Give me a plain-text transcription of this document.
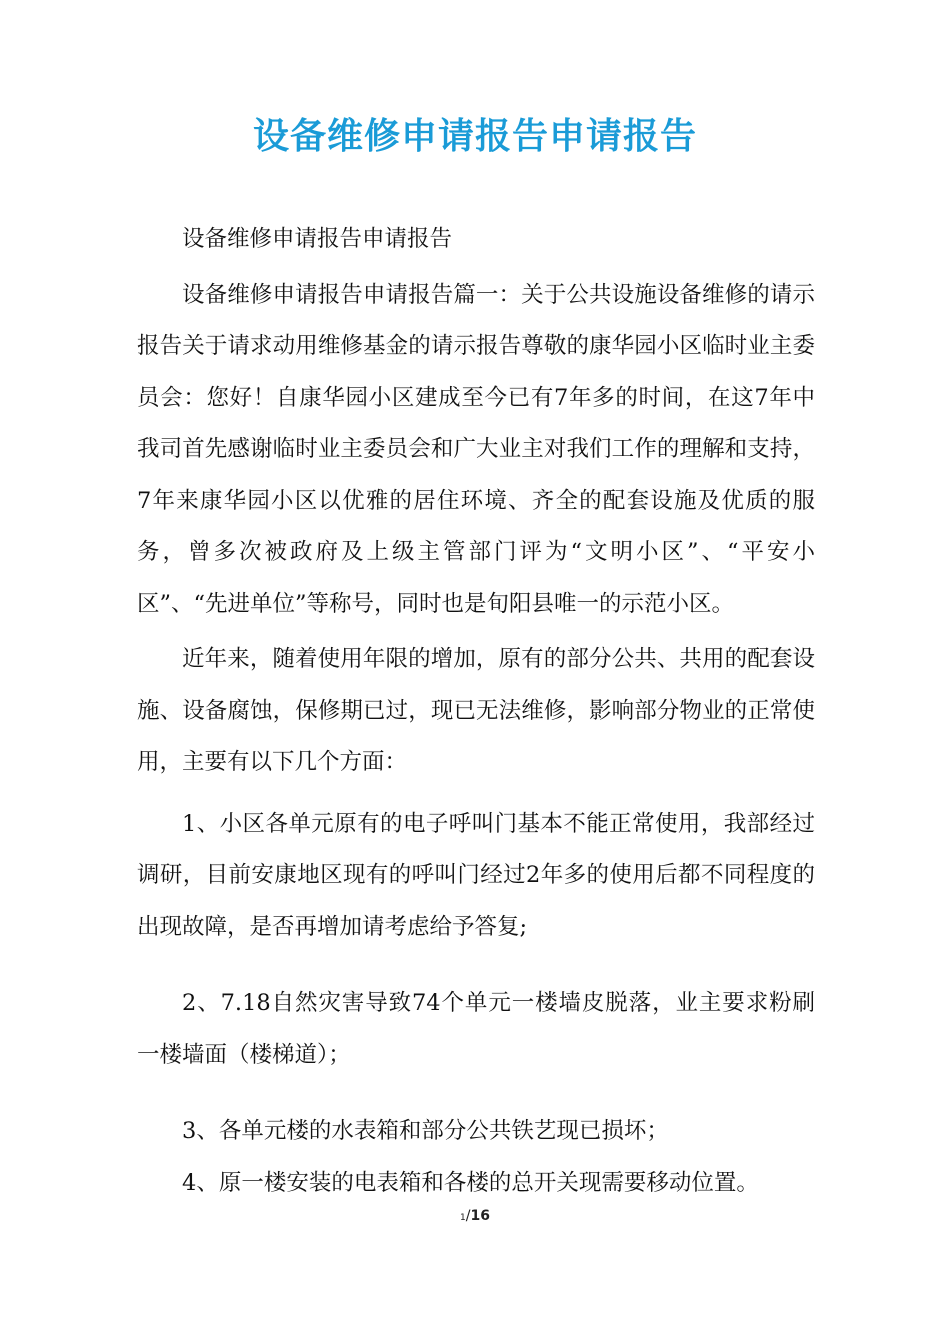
设备维修申请报告申请报告

设备维修申请报告申请报告

设备维修申请报告申请报告篇一：关于公共设施设备维修的请示报告关于请求动用维修基金的请示报告尊敬的康华园小区临时业主委员会：您好！自康华园小区建成至今已有7年多的时间，在这7年中我司首先感谢临时业主委员会和广大业主对我们工作的理解和支持，7年来康华园小区以优雅的居住环境、齐全的配套设施及优质的服务，曾多次被政府及上级主管部门评为“文明小区”、“平安小区”、“先进单位”等称号，同时也是旬阳县唯一的示范小区。

近年来，随着使用年限的增加，原有的部分公共、共用的配套设施、设备腐蚀，保修期已过，现已无法维修，影响部分物业的正常使用，主要有以下几个方面：

1、小区各单元原有的电子呼叫门基本不能正常使用，我部经过调研，目前安康地区现有的呼叫门经过2年多的使用后都不同程度的出现故障，是否再增加请考虑给予答复;

2、7.18自然灾害导致74个单元一楼墙皮脱落，业主要求粉刷一楼墙面（楼梯道）；

3、各单元楼的水表箱和部分公共铁艺现已损坏；

4、原一楼安装的电表箱和各楼的总开关现需要移动位置。

1/16
